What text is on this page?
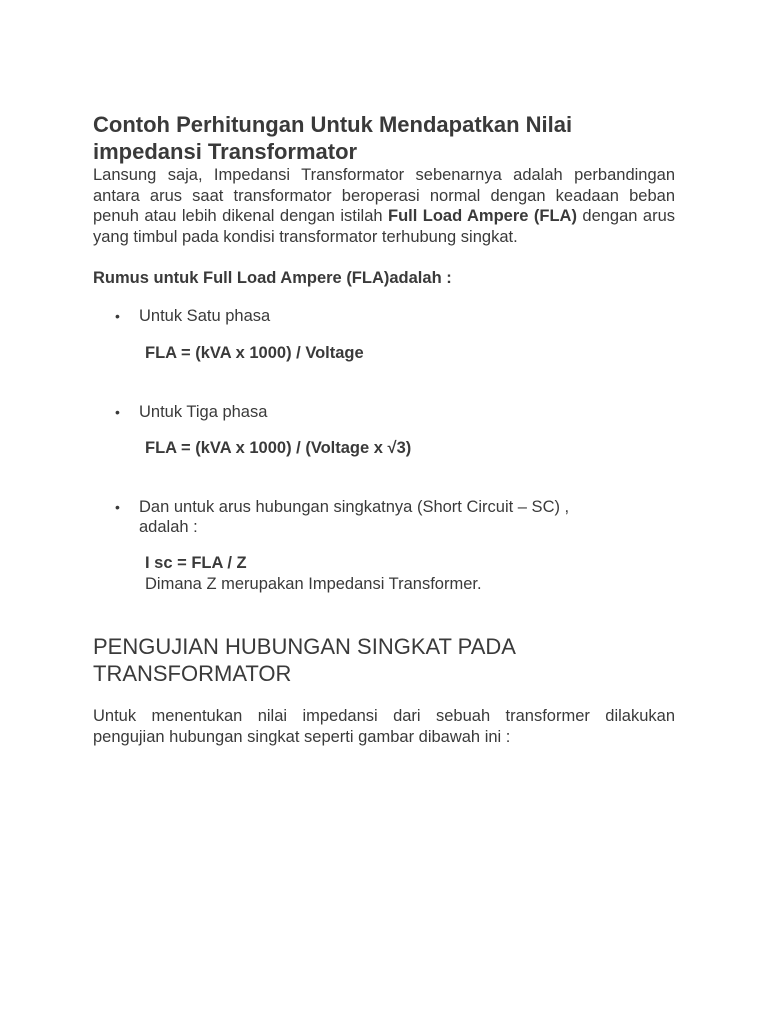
Contoh Perhitungan Untuk Mendapatkan Nilai
impedansi Transformator

Lansung saja, Impedansi Transformator sebenarnya adalah perbandingan antara arus saat transformator beroperasi normal dengan keadaan beban penuh atau lebih dikenal dengan istilah Full Load Ampere (FLA) dengan arus yang timbul pada kondisi transformator terhubung singkat.

Rumus untuk Full Load Ampere (FLA)adalah :
• Untuk Satu phasa
FLA = (kVA x 1000) / Voltage
• Untuk Tiga phasa
FLA = (kVA x 1000) / (Voltage x √3)
• Dan untuk arus hubungan singkatnya (Short Circuit – SC) ,
adalah :
I sc = FLA / Z
Dimana Z merupakan Impedansi Transformer.
PENGUJIAN HUBUNGAN SINGKAT PADA
TRANSFORMATOR

Untuk menentukan nilai impedansi dari sebuah transformer dilakukan pengujian hubungan singkat seperti gambar dibawah ini :
